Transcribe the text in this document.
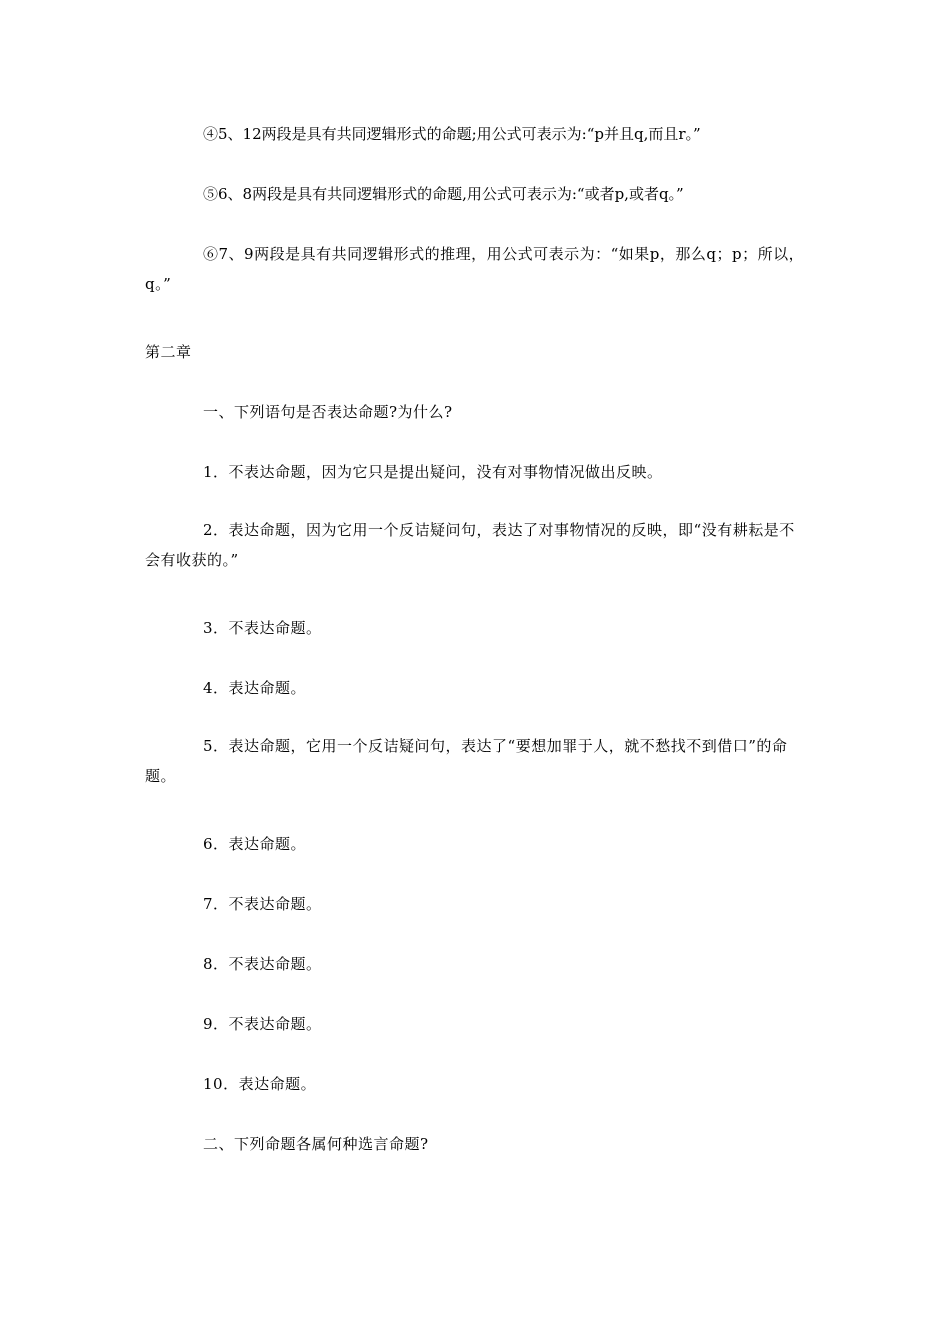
④5、12两段是具有共同逻辑形式的命题;用公式可表示为:“p并且q,而且r。”

⑤6、8两段是具有共同逻辑形式的命题,用公式可表示为:“或者p,或者q。”

⑥7、9两段是具有共同逻辑形式的推理，用公式可表示为：“如果p，那么q；p；所以，q。”

第二章

一、下列语句是否表达命题?为什么?

1．不表达命题，因为它只是提出疑问，没有对事物情况做出反映。

2．表达命题，因为它用一个反诘疑问句，表达了对事物情况的反映，即“没有耕耘是不会有收获的。”

3．不表达命题。

4．表达命题。

5．表达命题，它用一个反诘疑问句，表达了“要想加罪于人，就不愁找不到借口”的命题。

6．表达命题。

7．不表达命题。

8．不表达命题。

9．不表达命题。

10．表达命题。

二、下列命题各属何种选言命题?
